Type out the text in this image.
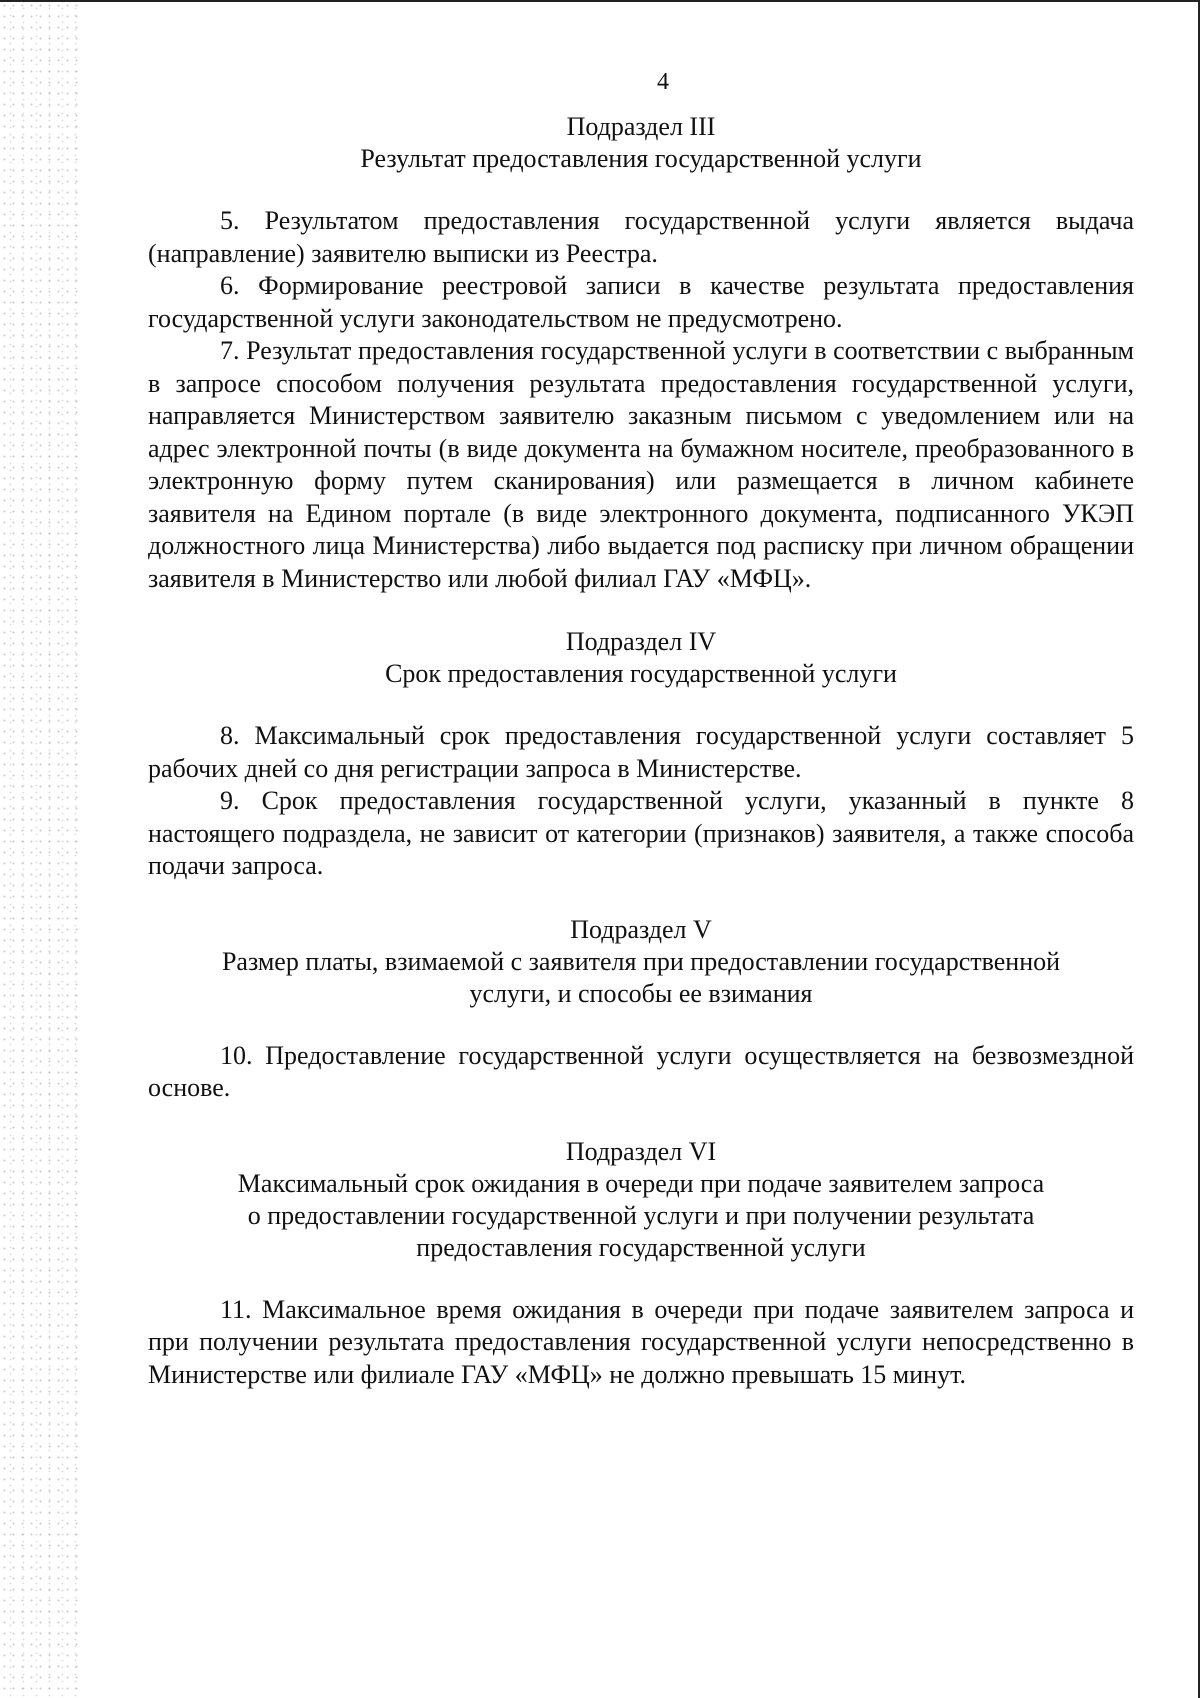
4
Подраздел III
Результат предоставления государственной услуги

5. Результатом предоставления государственной услуги является выдача (направление) заявителю выписки из Реестра.

6. Формирование реестровой записи в качестве результата предоставления государственной услуги законодательством не предусмотрено.

7. Результат предоставления государственной услуги в соответствии с выбранным в запросе способом получения результата предоставления государственной услуги, направляется Министерством заявителю заказным письмом с уведомлением или на адрес электронной почты (в виде документа на бумажном носителе, преобразованного в электронную форму путем сканирования) или размещается в личном кабинете заявителя на Едином портале (в виде электронного документа, подписанного УКЭП должностного лица Министерства) либо выдается под расписку при личном обращении заявителя в Министерство или любой филиал ГАУ «МФЦ».

Подраздел IV
Срок предоставления государственной услуги

8. Максимальный срок предоставления государственной услуги составляет 5 рабочих дней со дня регистрации запроса в Министерстве.

9. Срок предоставления государственной услуги, указанный в пункте 8 настоящего подраздела, не зависит от категории (признаков) заявителя, а также способа подачи запроса.

Подраздел V
Размер платы, взимаемой с заявителя при предоставлении государственной
услуги, и способы ее взимания

10. Предоставление государственной услуги осуществляется на безвозмездной основе.

Подраздел VI
Максимальный срок ожидания в очереди при подаче заявителем запроса
о предоставлении государственной услуги и при получении результата
предоставления государственной услуги

11. Максимальное время ожидания в очереди при подаче заявителем запроса и при получении результата предоставления государственной услуги непосредственно в Министерстве или филиале ГАУ «МФЦ» не должно превышать 15 минут.
